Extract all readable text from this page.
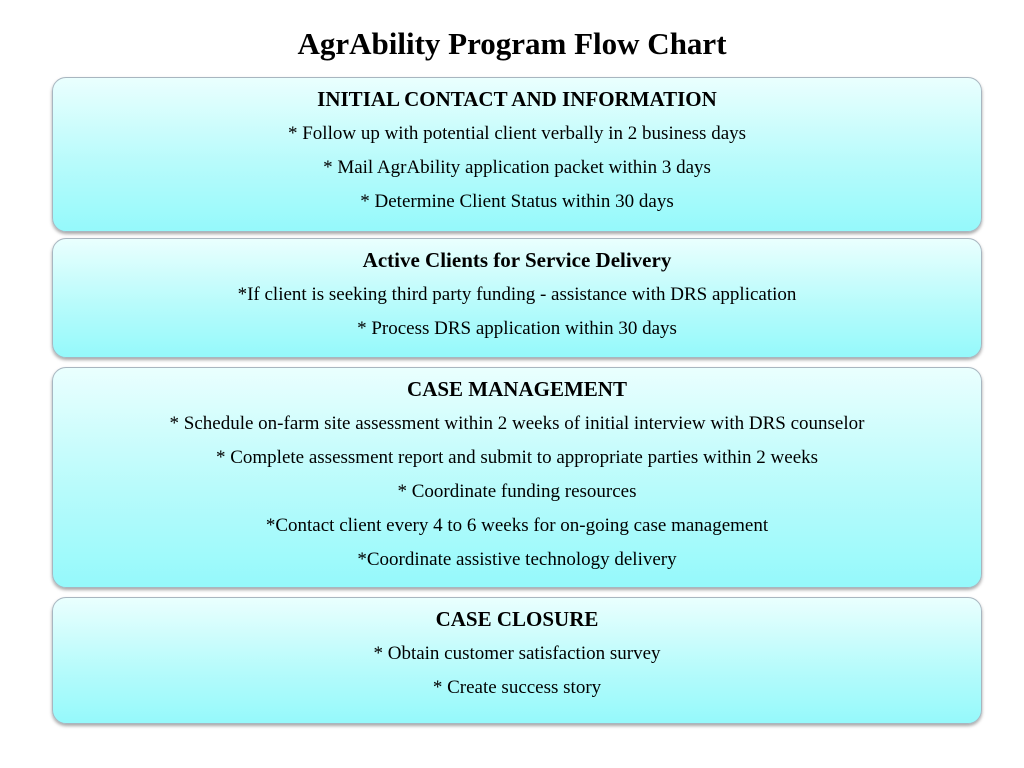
AgrAbility Program Flow Chart
INITIAL CONTACT AND INFORMATION
* Follow up with potential client verbally in 2 business days
* Mail AgrAbility application packet within 3 days
* Determine Client Status within 30 days
Active Clients for Service Delivery
*If client is seeking third party funding - assistance with DRS application
* Process DRS application within 30 days
CASE MANAGEMENT
* Schedule on-farm site assessment within 2 weeks of initial interview with DRS counselor
* Complete assessment report and submit to appropriate parties within 2 weeks
* Coordinate funding resources
*Contact client every 4 to 6 weeks for on-going case management
*Coordinate assistive technology delivery
CASE CLOSURE
* Obtain customer satisfaction survey
* Create success story
